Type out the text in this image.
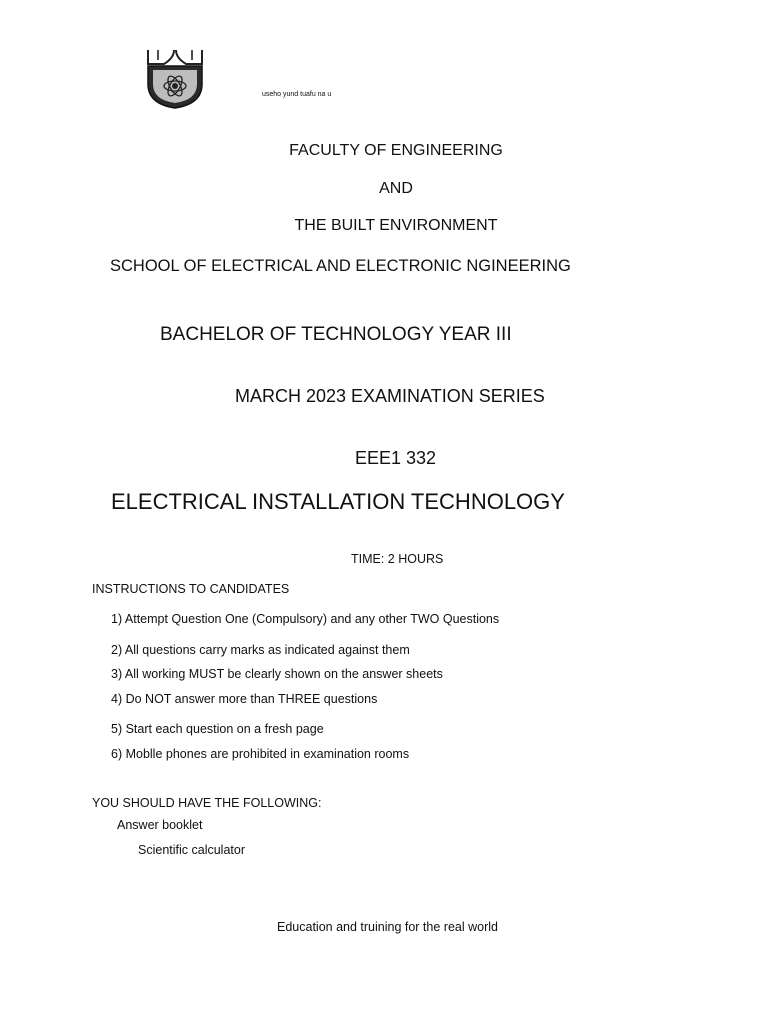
useho yund tuafu na u
FACULTY OF ENGINEERING
AND
THE BUILT ENVIRONMENT
SCHOOL OF ELECTRICAL AND ELECTRONIC NGINEERING
BACHELOR OF TECHNOLOGY YEAR III
MARCH 2023 EXAMINATION SERIES
EEE1 332
ELECTRICAL INSTALLATION TECHNOLOGY
TIME: 2 HOURS
INSTRUCTIONS TO CANDIDATES
1) Attempt Question One (Compulsory) and any other TWO Questions
2) All questions carry marks as indicated against them
3) All working MUST be clearly shown on the answer sheets
4) Do NOT answer more than THREE questions
5) Start each question on a fresh page
6) Moblle phones are prohibited in examination rooms
YOU SHOULD HAVE THE FOLLOWING:
Answer booklet
Scientific calculator
Education and truining for the real world
